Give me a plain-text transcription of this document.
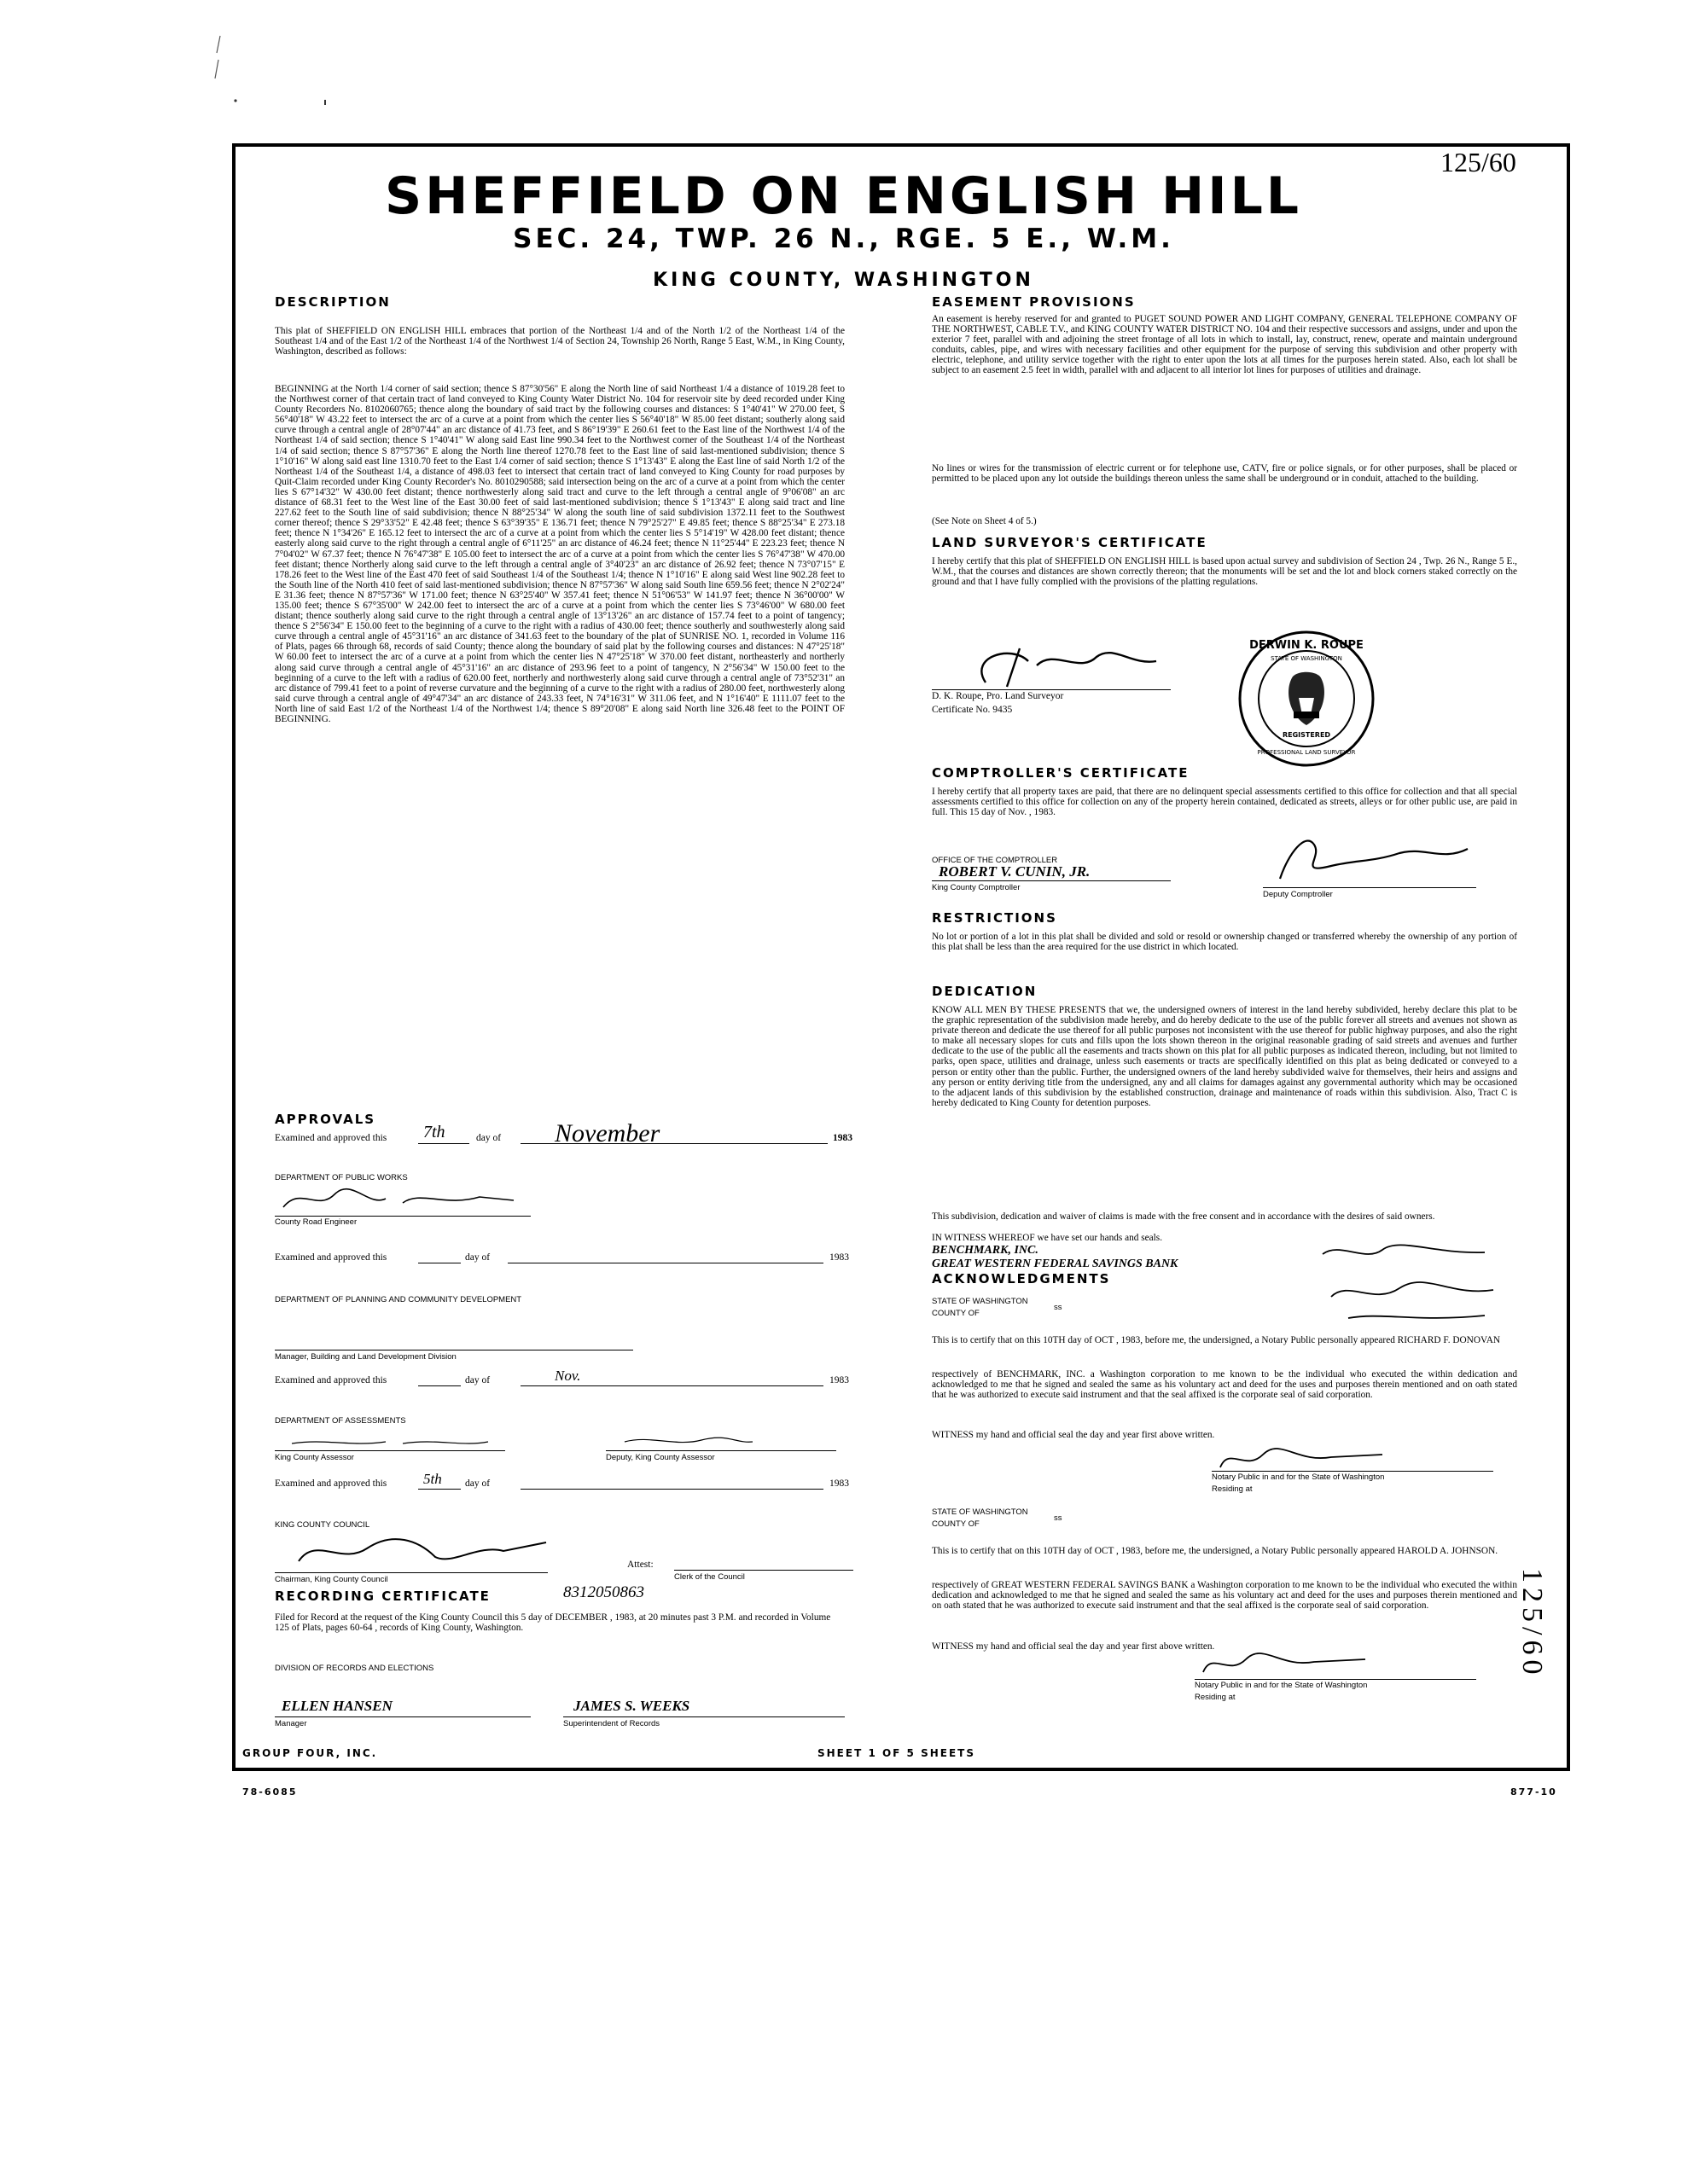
125/60
SHEFFIELD ON ENGLISH HILL
SEC. 24, TWP. 26 N., RGE. 5 E., W.M.
KING COUNTY, WASHINGTON
DESCRIPTION
This plat of SHEFFIELD ON ENGLISH HILL embraces that portion of the Northeast 1/4 and of the North 1/2 of the Northeast 1/4 of the Southeast 1/4 and of the East 1/2 of the Northeast 1/4 of the Northwest 1/4 of Section 24, Township 26 North, Range 5 East, W.M., in King County, Washington, described as follows:
BEGINNING at the North 1/4 corner of said section; thence S 87°30'56" E along the North line of said Northeast 1/4 a distance of 1019.28 feet to the Northwest corner of that certain tract of land conveyed to King County Water District No. 104 for reservoir site by deed recorded under King County Recorders No. 8102060765; thence along the boundary of said tract by the following courses and distances: S 1°40'41" W 270.00 feet, S 56°40'18" W 43.22 feet to intersect the arc of a curve at a point from which the center lies S 56°40'18" W 85.00 feet distant; southerly along said curve through a central angle of 28°07'44" an arc distance of 41.73 feet, and S 86°19'39" E 260.61 feet to the East line of the Northwest 1/4 of the Northeast 1/4 of said section; thence S 1°40'41" W along said East line 990.34 feet to the Northwest corner of the Southeast 1/4 of the Northeast 1/4 of said section; thence S 87°57'36" E along the North line thereof 1270.78 feet to the East line of said last-mentioned subdivision; thence S 1°10'16" W along said east line 1310.70 feet to the East 1/4 corner of said section; thence S 1°13'43" E along the East line of said North 1/2 of the Northeast 1/4 of the Southeast 1/4, a distance of 498.03 feet to intersect that certain tract of land conveyed to King County for road purposes by Quit-Claim recorded under King County Recorder's No. 8010290588; said intersection being on the arc of a curve at a point from which the center lies S 67°14'32" W 430.00 feet distant; thence northwesterly along said tract and curve to the left through a central angle of 9°06'08" an arc distance of 68.31 feet to the West line of the East 30.00 feet of said last-mentioned subdivision; thence S 1°13'43" E along said tract and line 227.62 feet to the South line of said subdivision; thence N 88°25'34" W along the south line of said subdivision 1372.11 feet to the Southwest corner thereof; thence S 29°33'52" E 42.48 feet; thence S 63°39'35" E 136.71 feet; thence N 79°25'27" E 49.85 feet; thence S 88°25'34" E 273.18 feet; thence N 1°34'26" E 165.12 feet to intersect the arc of a curve at a point from which the center lies S 5°14'19" W 428.00 feet distant; thence easterly along said curve to the right through a central angle of 6°11'25" an arc distance of 46.24 feet; thence N 11°25'44" E 223.23 feet; thence N 7°04'02" W 67.37 feet; thence N 76°47'38" E 105.00 feet to intersect the arc of a curve at a point from which the center lies S 76°47'38" W 470.00 feet distant; thence Northerly along said curve to the left through a central angle of 3°40'23" an arc distance of 26.92 feet; thence N 73°07'15" E 178.26 feet to the West line of the East 470 feet of said Southeast 1/4 of the Southeast 1/4; thence N 1°10'16" E along said West line 902.28 feet to the South line of the North 410 feet of said last-mentioned subdivision; thence N 87°57'36" W along said South line 659.56 feet; thence N 2°02'24" E 31.36 feet; thence N 87°57'36" W 171.00 feet; thence N 63°25'40" W 357.41 feet; thence N 51°06'53" W 141.97 feet; thence N 36°00'00" W 135.00 feet; thence S 67°35'00" W 242.00 feet to intersect the arc of a curve at a point from which the center lies S 73°46'00" W 680.00 feet distant; thence southerly along said curve to the right through a central angle of 13°13'26" an arc distance of 157.74 feet to a point of tangency; thence S 2°56'34" E 150.00 feet to the beginning of a curve to the right with a radius of 430.00 feet; thence southerly and southwesterly along said curve through a central angle of 45°31'16" an arc distance of 341.63 feet to the boundary of the plat of SUNRISE NO. 1, recorded in Volume 116 of Plats, pages 66 through 68, records of said County; thence along the boundary of said plat by the following courses and distances: N 47°25'18" W 60.00 feet to intersect the arc of a curve at a point from which the center lies N 47°25'18" W 370.00 feet distant, northeasterly and northerly along said curve through a central angle of 45°31'16" an arc distance of 293.96 feet to a point of tangency, N 2°56'34" W 150.00 feet to the beginning of a curve to the left with a radius of 620.00 feet, northerly and northwesterly along said curve through a central angle of 73°52'31" an arc distance of 799.41 feet to a point of reverse curvature and the beginning of a curve to the right with a radius of 280.00 feet, northwesterly along said curve through a central angle of 49°47'34" an arc distance of 243.33 feet, N 74°16'31" W 311.06 feet, and N 1°16'40" E 1111.07 feet to the North line of said East 1/2 of the Northeast 1/4 of the Northwest 1/4; thence S 89°20'08" E along said North line 326.48 feet to the POINT OF BEGINNING.
APPROVALS
Examined and approved this 7th	day of November	1983
DEPARTMENT OF PUBLIC WORKS
County Road Engineer
Examined and approved this	day of	1983
DEPARTMENT OF PLANNING AND COMMUNITY DEVELOPMENT
Manager, Building and Land Development Division
Examined and approved this	day of	Nov.	1983
DEPARTMENT OF ASSESSMENTS
King County Assessor	Deputy, King County Assessor
Examined and approved this	5th day of	1983
KING COUNTY COUNCIL
Chairman, King County Council
Attest:
Clerk of the Council
RECORDING CERTIFICATE	8312050863
Filed for Record at the request of the King County Council this 5 day of DECEMBER , 1983, at 20 minutes past 3 P.M. and recorded in Volume 125 of Plats, pages 60-64 , records of King County, Washington.
DIVISION OF RECORDS AND ELECTIONS
ELLEN HANSEN
Manager
JAMES S. WEEKS
Superintendent of Records
EASEMENT PROVISIONS
An easement is hereby reserved for and granted to PUGET SOUND POWER AND LIGHT COMPANY, GENERAL TELEPHONE COMPANY OF THE NORTHWEST, CABLE T.V., and KING COUNTY WATER DISTRICT NO. 104 and their respective successors and assigns, under and upon the exterior 7 feet, parallel with and adjoining the street frontage of all lots in which to install, lay, construct, renew, operate and maintain underground conduits, cables, pipe, and wires with necessary facilities and other equipment for the purpose of serving this subdivision and other property with electric, telephone, and utility service together with the right to enter upon the lots at all times for the purposes herein stated. Also, each lot shall be subject to an easement 2.5 feet in width, parallel with and adjacent to all interior lot lines for purposes of utilities and drainage.
No lines or wires for the transmission of electric current or for telephone use, CATV, fire or police signals, or for other purposes, shall be placed or permitted to be placed upon any lot outside the buildings thereon unless the same shall be underground or in conduit, attached to the building.
(See Note on Sheet 4 of 5.)
LAND SURVEYOR'S CERTIFICATE
I hereby certify that this plat of SHEFFIELD ON ENGLISH HILL is based upon actual survey and subdivision of Section 24 , Twp. 26 N., Range 5 E., W.M., that the courses and distances are shown correctly thereon; that the monuments will be set and the lot and block corners staked correctly on the ground and that I have fully complied with the provisions of the platting regulations.
D. K. Roupe, Pro. Land Surveyor
Certificate No. 9435
DERWIN K. ROUPE
STATE OF WASHINGTON
REGISTERED
PROFESSIONAL LAND SURVEYOR
COMPTROLLER'S CERTIFICATE
I hereby certify that all property taxes are paid, that there are no delinquent special assessments certified to this office for collection and that all special assessments certified to this office for collection on any of the property herein contained, dedicated as streets, alleys or for other public use, are paid in full. This 15 day of Nov. , 1983.
OFFICE OF THE COMPTROLLER
ROBERT V. CUNIN, JR.
King County Comptroller
Deputy Comptroller
RESTRICTIONS
No lot or portion of a lot in this plat shall be divided and sold or resold or ownership changed or transferred whereby the ownership of any portion of this plat shall be less than the area required for the use district in which located.
DEDICATION
KNOW ALL MEN BY THESE PRESENTS that we, the undersigned owners of interest in the land hereby subdivided, hereby declare this plat to be the graphic representation of the subdivision made hereby, and do hereby dedicate to the use of the public forever all streets and avenues not shown as private thereon and dedicate the use thereof for all public purposes not inconsistent with the use thereof for public highway purposes, and also the right to make all necessary slopes for cuts and fills upon the lots shown thereon in the original reasonable grading of said streets and avenues and further dedicate to the use of the public all the easements and tracts shown on this plat for all public purposes as indicated thereon, including, but not limited to parks, open space, utilities and drainage, unless such easements or tracts are specifically identified on this plat as being dedicated or conveyed to a person or entity other than the public. Further, the undersigned owners of the land hereby subdivided waive for themselves, their heirs and assigns and any person or entity deriving title from the undersigned, any and all claims for damages against any governmental authority which may be occasioned to the adjacent lands of this subdivision by the established construction, drainage and maintenance of roads within this subdivision. Also, Tract C is hereby dedicated to King County for detention purposes.
This subdivision, dedication and waiver of claims is made with the free consent and in accordance with the desires of said owners.
IN WITNESS WHEREOF we have set our hands and seals.
BENCHMARK, INC.
GREAT WESTERN FEDERAL SAVINGS BANK
ACKNOWLEDGMENTS
STATE OF WASHINGTON
COUNTY OF
ss
This is to certify that on this 10TH day of OCT , 1983, before me, the undersigned, a Notary Public personally appeared RICHARD F. DONOVAN
respectively of BENCHMARK, INC. a Washington corporation to me known to be the individual who executed the within dedication and acknowledged to me that he signed and sealed the same as his voluntary act and deed for the uses and purposes therein mentioned and on oath stated that he was authorized to execute said instrument and that the seal affixed is the corporate seal of said corporation.
WITNESS my hand and official seal the day and year first above written.
Notary Public in and for the State of Washington
Residing at
STATE OF WASHINGTON
COUNTY OF
ss
This is to certify that on this 10TH day of OCT , 1983, before me, the undersigned, a Notary Public personally appeared HAROLD A. JOHNSON.
respectively of GREAT WESTERN FEDERAL SAVINGS BANK a Washington corporation to me known to be the individual who executed the within dedication and acknowledged to me that he signed and sealed the same as his voluntary act and deed for the uses and purposes therein mentioned and on oath stated that he was authorized to execute said instrument and that the seal affixed is the corporate seal of said corporation.
WITNESS my hand and official seal the day and year first above written.
Notary Public in and for the State of Washington
Residing at
125/60
GROUP FOUR, INC.	SHEET 1 OF 5 SHEETS
78-6085	877-10
